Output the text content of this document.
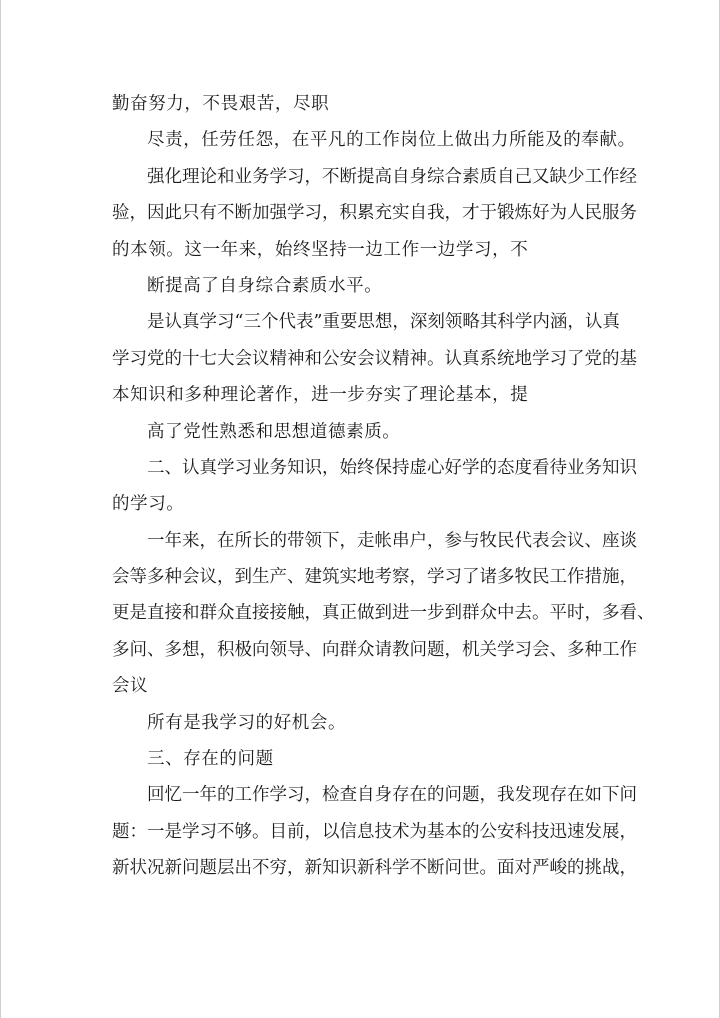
勤奋努力，不畏艰苦，尽职
尽责，任劳任怨，在平凡的工作岗位上做出力所能及的奉献。
强化理论和业务学习，不断提高自身综合素质自己又缺少工作经
验，因此只有不断加强学习，积累充实自我，才于锻炼好为人民服务
的本领。这一年来，始终坚持一边工作一边学习，不
断提高了自身综合素质水平。
是认真学习“三个代表”重要思想，深刻领略其科学内涵，认真
学习党的十七大会议精神和公安会议精神。认真系统地学习了党的基
本知识和多种理论著作，进一步夯实了理论基本，提
高了党性熟悉和思想道德素质。
二、认真学习业务知识，始终保持虚心好学的态度看待业务知识
的学习。
一年来，在所长的带领下，走帐串户，参与牧民代表会议、座谈
会等多种会议，到生产、建筑实地考察，学习了诸多牧民工作措施，
更是直接和群众直接接触，真正做到进一步到群众中去。平时，多看、
多问、多想，积极向领导、向群众请教问题，机关学习会、多种工作
会议
所有是我学习的好机会。
三、存在的问题
回忆一年的工作学习，检查自身存在的问题，我发现存在如下问
题：一是学习不够。目前，以信息技术为基本的公安科技迅速发展，
新状况新问题层出不穷，新知识新科学不断问世。面对严峻的挑战，
